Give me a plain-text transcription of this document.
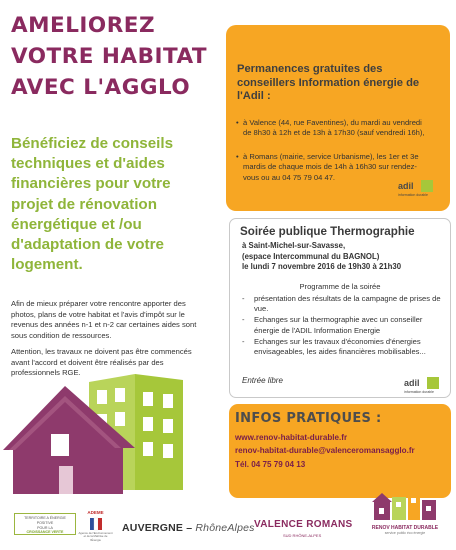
AMELIOREZ
VOTRE HABITAT
AVEC L'AGGLO
Bénéficiez de conseils techniques et d'aides financières pour votre projet de rénovation énergétique et /ou d'adaptation de votre logement.
Afin de mieux préparer votre rencontre apporter des photos, plans de votre habitat et l'avis d'impôt sur le revenus des années n-1 et n-2 car certaines aides sont sous condition de ressources.
Attention, les travaux ne doivent pas être commencés avant l'accord et doivent être réalisés par des professionnels RGE.
Permanences gratuites des conseillers Information énergie de l'Adil :
• à Valence (44, rue Faventines), du mardi au vendredi de 8h30 à 12h et de 13h à 17h30 (sauf vendredi 16h),
• à Romans (mairie, service Urbanisme), les 1er et 3e mardis de chaque mois de 14h à 16h30 sur rendez-vous ou au 04 75 79 04 47.
adil
information durable
Soirée publique Thermographie
à Saint-Michel-sur-Savasse,
(espace Intercommunal du BAGNOL)
le lundi 7 novembre 2016 de 19h30 à 21h30
Programme de la soirée
- présentation des résultats de la campagne de prises de vue.
- Echanges sur la thermographie avec un conseiller énergie de l'ADIL Information Energie
- Echanges sur les travaux d'économies d'énergies envisageables, les aides financières mobilisables...
Entrée libre	adil
information durable
INFOS PRATIQUES :
www.renov-habitat-durable.fr
renov-habitat-durable@valenceromansagglo.fr
Tél. 04 75 79 04 13
RENOV HABITAT DURABLE
service public éco énergie
TERRITOIRE A ÉNERGIE POSITIVE
POUR LA
CROISSANCE VERTE
ADEME
Agence de l'Environnement et de la Maîtrise de l'Énergie
AUVERGNE – RhôneAlpes VALENCE ROMANS
SUD RHÔNE-ALPES
